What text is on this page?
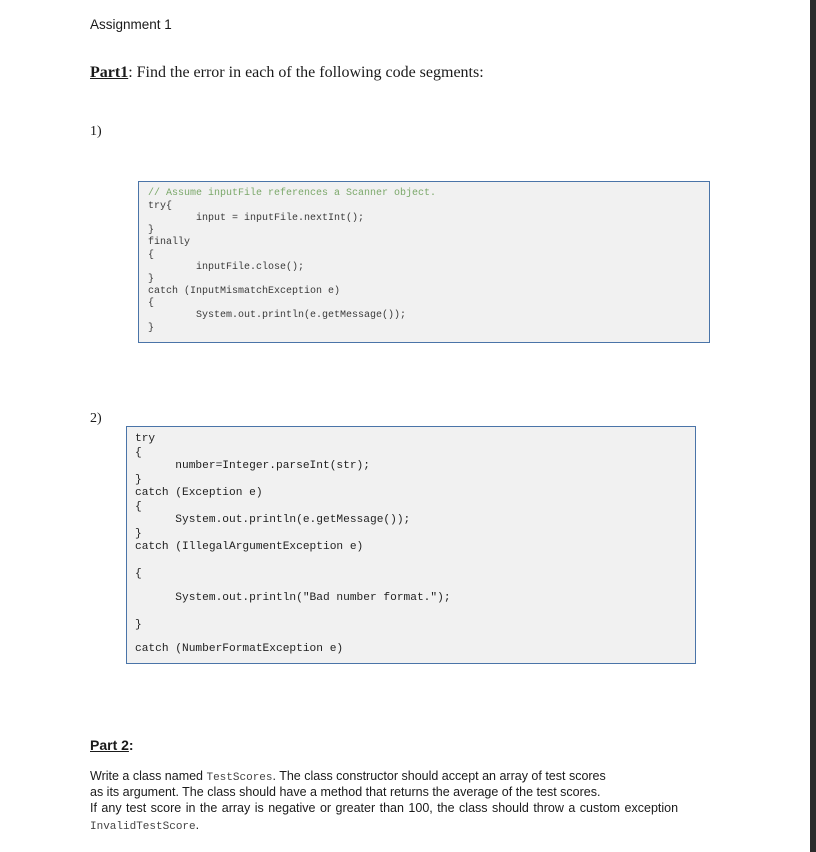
Assignment 1
Part1: Find the error in each of the following code segments:
1)
// Assume inputFile references a Scanner object.
try{
input = inputFile.nextInt();
}
finally
{
inputFile.close();
}
catch (InputMismatchException e)
{
System.out.println(e.getMessage());
}
2)
try
{
number=Integer.parseInt(str);
}
catch (Exception e)
{
System.out.println(e.getMessage());
}
catch (IllegalArgumentException e)
{
System.out.println("Bad number format.");
}
catch (NumberFormatException e)
Part 2:
Write a class named TestScores. The class constructor should accept an array of test scores
as its argument. The class should have a method that returns the average of the test scores.
If any test score in the array is negative or greater than 100, the class should throw a custom exception
InvalidTestScore.
